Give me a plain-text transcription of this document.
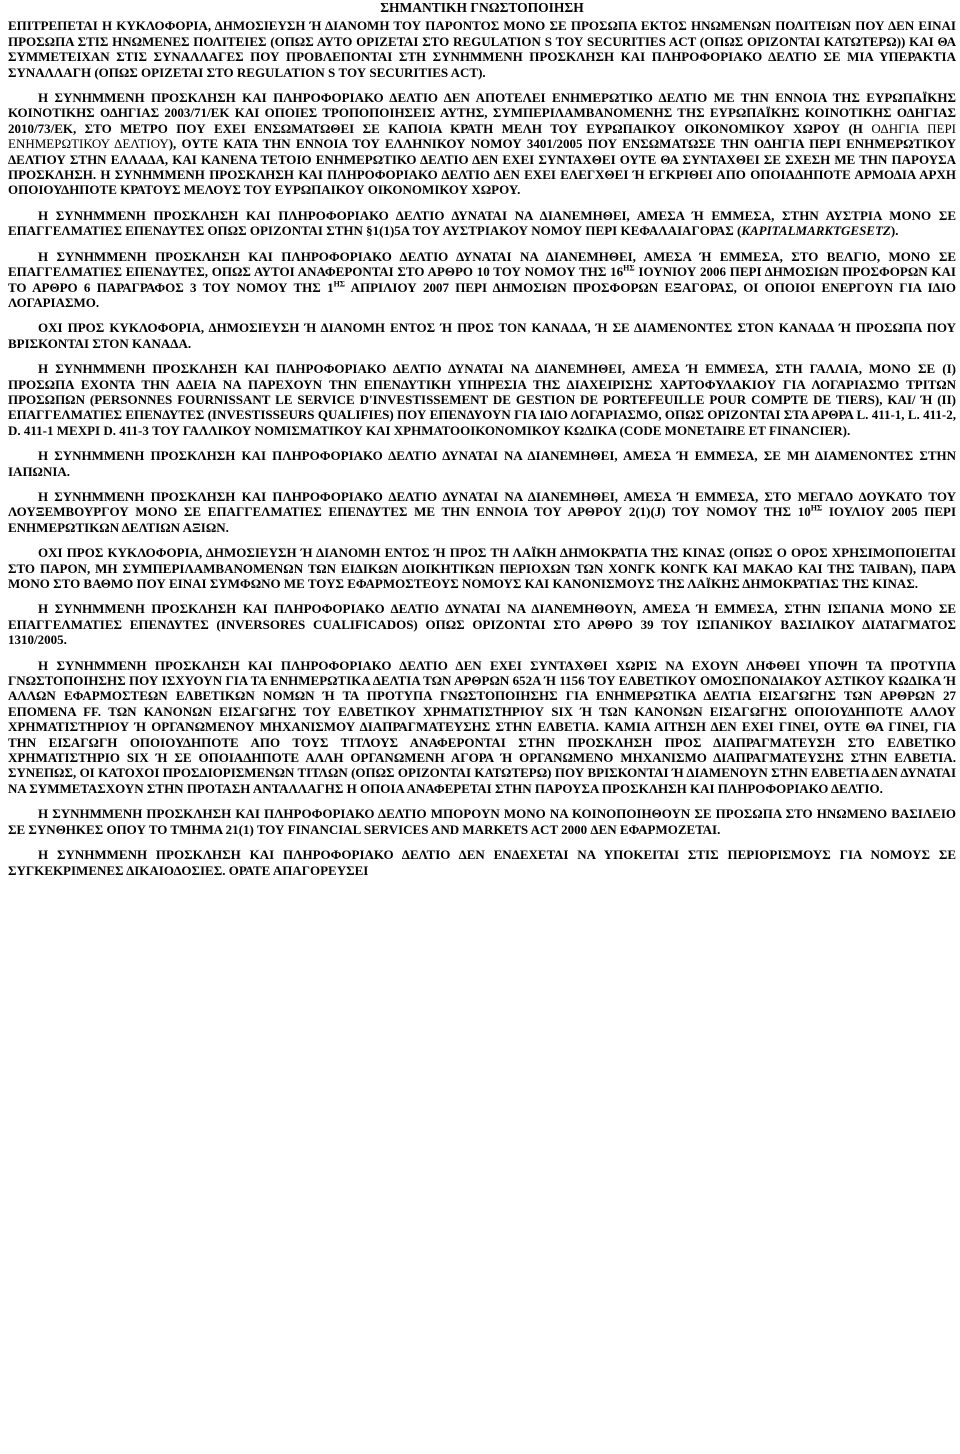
ΣΗΜΑΝΤΙΚΗ ΓΝΩΣΤΟΠΟΙΗΣΗ

ΕΠΙΤΡΕΠΕΤΑΙ Η ΚΥΚΛΟΦΟΡΙΑ, ΔΗΜΟΣΙΕΥΣΗ Ή ΔΙΑΝΟΜΗ ΤΟΥ ΠΑΡΟΝΤΟΣ ΜΟΝΟ ΣΕ ΠΡΟΣΩΠΑ ΕΚΤΟΣ ΗΝΩΜΕΝΩΝ ΠΟΛΙΤΕΙΩΝ ΠΟΥ ΔΕΝ ΕΙΝΑΙ ΠΡΟΣΩΠΑ ΣΤΙΣ ΗΝΩΜΕΝΕΣ ΠΟΛΙΤΕΙΕΣ (ΟΠΩΣ ΑΥΤΟ ΟΡΙΖΕΤΑΙ ΣΤΟ REGULATION S ΤΟΥ SECURITIES ACT (ΟΠΩΣ ΟΡΙΖΟΝΤΑΙ ΚΑΤΩΤΕΡΩ)) ΚΑΙ ΘΑ ΣΥΜΜΕΤΕΙΧΑΝ ΣΤΙΣ ΣΥΝΑΛΛΑΓΕΣ ΠΟΥ ΠΡΟΒΛΕΠΟΝΤΑΙ ΣΤΗ ΣΥΝΗΜΜΕΝΗ ΠΡΟΣΚΛΗΣΗ ΚΑΙ ΠΛΗΡΟΦΟΡΙΑΚΟ ΔΕΛΤΙΟ ΣΕ ΜΙΑ ΥΠΕΡΑΚΤΙΑ ΣΥΝΑΛΛΑΓΗ (ΟΠΩΣ ΟΡΙΖΕΤΑΙ ΣΤΟ REGULATION S ΤΟΥ SECURITIES ACT).

Η ΣΥΝΗΜΜΕΝΗ ΠΡΟΣΚΛΗΣΗ ΚΑΙ ΠΛΗΡΟΦΟΡΙΑΚΟ ΔΕΛΤΙΟ ΔΕΝ ΑΠΟΤΕΛΕΙ ΕΝΗΜΕΡΩΤΙΚΟ ΔΕΛΤΙΟ ΜΕ ΤΗΝ ΕΝΝΟΙΑ ΤΗΣ ΕΥΡΩΠΑΪΚΗΣ ΚΟΙΝΟΤΙΚΗΣ ΟΔΗΓΙΑΣ 2003/71/ΕΚ ΚΑΙ ΟΠΟΙΕΣ ΤΡΟΠΟΠΟΙΗΣΕΙΣ ΑΥΤΗΣ, ΣΥΜΠΕΡΙΛΑΜΒΑΝΟΜΕΝΗΣ ΤΗΣ ΕΥΡΩΠΑΪΚΗΣ ΚΟΙΝΟΤΙΚΗΣ ΟΔΗΓΙΑΣ 2010/73/ΕΚ, ΣΤΟ ΜΕΤΡΟ ΠΟΥ ΕΧΕΙ ΕΝΣΩΜΑΤΩΘΕΙ ΣΕ ΚΑΠΟΙΑ ΚΡΑΤΗ ΜΕΛΗ ΤΟΥ ΕΥΡΩΠΑΙΚΟΥ ΟΙΚΟΝΟΜΙΚΟΥ ΧΩΡΟΥ (Η ΟΔΗΓΙΑ ΠΕΡΙ ΕΝΗΜΕΡΩΤΙΚΟΥ ΔΕΛΤΙΟΥ), ΟΥΤΕ ΚΑΤΑ ΤΗΝ ΕΝΝΟΙΑ ΤΟΥ ΕΛΛΗΝΙΚΟΥ ΝΟΜΟΥ 3401/2005 ΠΟΥ ΕΝΣΩΜΑΤΩΣΕ ΤΗΝ ΟΔΗΓΙΑ ΠΕΡΙ ΕΝΗΜΕΡΩΤΙΚΟΥ ΔΕΛΤΙΟΥ ΣΤΗΝ ΕΛΛΑΔΑ, ΚΑΙ ΚΑΝΕΝΑ ΤΕΤΟΙΟ ΕΝΗΜΕΡΩΤΙΚΟ ΔΕΛΤΙΟ ΔΕΝ ΕΧΕΙ ΣΥΝΤΑΧΘΕΙ ΟΥΤΕ ΘΑ ΣΥΝΤΑΧΘΕΙ ΣΕ ΣΧΕΣΗ ΜΕ ΤΗΝ ΠΑΡΟΥΣΑ ΠΡΟΣΚΛΗΣΗ. Η ΣΥΝΗΜΜΕΝΗ ΠΡΟΣΚΛΗΣΗ ΚΑΙ ΠΛΗΡΟΦΟΡΙΑΚΟ ΔΕΛΤΙΟ ΔΕΝ ΕΧΕΙ ΕΛΕΓΧΘΕΙ Ή ΕΓΚΡΙΘΕΙ ΑΠΟ ΟΠΟΙΑΔΗΠΟΤΕ ΑΡΜΟΔΙΑ ΑΡΧΗ ΟΠΟΙΟΥΔΗΠΟΤΕ ΚΡΑΤΟΥΣ ΜΕΛΟΥΣ ΤΟΥ ΕΥΡΩΠΑΙΚΟΥ ΟΙΚΟΝΟΜΙΚΟΥ ΧΩΡΟΥ.

Η ΣΥΝΗΜΜΕΝΗ ΠΡΟΣΚΛΗΣΗ ΚΑΙ ΠΛΗΡΟΦΟΡΙΑΚΟ ΔΕΛΤΙΟ ΔΥΝΑΤΑΙ ΝΑ ΔΙΑΝΕΜΗΘΕΙ, ΑΜΕΣΑ Ή ΕΜΜΕΣΑ, ΣΤΗΝ ΑΥΣΤΡΙΑ ΜΟΝΟ ΣΕ ΕΠΑΓΓΕΛΜΑΤΙΕΣ ΕΠΕΝΔΥΤΕΣ ΟΠΩΣ ΟΡΙΖΟΝΤΑΙ ΣΤΗΝ §1(1)5Α ΤΟΥ ΑΥΣΤΡΙΑΚΟΥ ΝΟΜΟΥ ΠΕΡΙ ΚΕΦΑΛΑΙΑΓΟΡΑΣ (KAPITALMARKTGESETZ).

Η ΣΥΝΗΜΜΕΝΗ ΠΡΟΣΚΛΗΣΗ ΚΑΙ ΠΛΗΡΟΦΟΡΙΑΚΟ ΔΕΛΤΙΟ ΔΥΝΑΤΑΙ ΝΑ ΔΙΑΝΕΜΗΘΕΙ, ΑΜΕΣΑ Ή ΕΜΜΕΣΑ, ΣΤΟ ΒΕΛΓΙΟ, ΜΟΝΟ ΣΕ ΕΠΑΓΓΕΛΜΑΤΙΕΣ ΕΠΕΝΔΥΤΕΣ, ΟΠΩΣ ΑΥΤΟΙ ΑΝΑΦΕΡΟΝΤΑΙ ΣΤΟ ΑΡΘΡΟ 10 ΤΟΥ ΝΟΜΟΥ ΤΗΣ $16^{H\Sigma}$ ΙΟΥΝΙΟΥ 2006 ΠΕΡΙ ΔΗΜΟΣΙΩΝ ΠΡΟΣΦΟΡΩΝ ΚΑΙ ΤΟ ΑΡΘΡΟ 6 ΠΑΡΑΓΡΑΦΟΣ 3 ΤΟΥ ΝΟΜΟΥ ΤΗΣ $1^{H\Sigma}$ ΑΠΡΙΛΙΟΥ 2007 ΠΕΡΙ ΔΗΜΟΣΙΩΝ ΠΡΟΣΦΟΡΩΝ ΕΞΑΓΟΡΑΣ, ΟΙ ΟΠΟΙΟΙ ΕΝΕΡΓΟΥΝ ΓΙΑ ΙΔΙΟ ΛΟΓΑΡΙΑΣΜΟ.

ΟΧΙ ΠΡΟΣ ΚΥΚΛΟΦΟΡΙΑ, ΔΗΜΟΣΙΕΥΣΗ Ή ΔΙΑΝΟΜΗ ΕΝΤΟΣ Ή ΠΡΟΣ ΤΟΝ ΚΑΝΑΔΑ, Ή ΣΕ ΔΙΑΜΕΝΟΝΤΕΣ ΣΤΟΝ ΚΑΝΑΔΑ Ή ΠΡΟΣΩΠΑ ΠΟΥ ΒΡΙΣΚΟΝΤΑΙ ΣΤΟΝ ΚΑΝΑΔΑ.

Η ΣΥΝΗΜΜΕΝΗ ΠΡΟΣΚΛΗΣΗ ΚΑΙ ΠΛΗΡΟΦΟΡΙΑΚΟ ΔΕΛΤΙΟ ΔΥΝΑΤΑΙ ΝΑ ΔΙΑΝΕΜΗΘΕΙ, ΑΜΕΣΑ Ή ΕΜΜΕΣΑ, ΣΤΗ ΓΑΛΛΙΑ, ΜΟΝΟ ΣΕ (Ι) ΠΡΟΣΩΠΑ ΕΧΟΝΤΑ ΤΗΝ ΑΔΕΙΑ ΝΑ ΠΑΡΕΧΟΥΝ ΤΗΝ ΕΠΕΝΔΥΤΙΚΗ ΥΠΗΡΕΣΙΑ ΤΗΣ ΔΙΑΧΕΙΡΙΣΗΣ ΧΑΡΤΟΦΥΛΑΚΙΟΥ ΓΙΑ ΛΟΓΑΡΙΑΣΜΟ ΤΡΙΤΩΝ ΠΡΟΣΩΠΩΝ (PERSONNES FOURNISSANT LE SERVICE D'INVESTISSEMENT DE GESTION DE PORTEFEUILLE POUR COMPTE DE TIERS), ΚΑΙ/ Ή (ΙΙ) ΕΠΑΓΓΕΛΜΑΤΙΕΣ ΕΠΕΝΔΥΤΕΣ (INVESTISSEURS QUALIFIES) ΠΟΥ ΕΠΕΝΔΥΟΥΝ ΓΙΑ ΙΔΙΟ ΛΟΓΑΡΙΑΣΜΟ, ΟΠΩΣ ΟΡΙΖΟΝΤΑΙ ΣΤΑ ΑΡΘΡΑ L. 411-1, L. 411-2, D. 411-1 ΜΕΧΡΙ D. 411-3 ΤΟΥ ΓΑΛΛΙΚΟΥ ΝΟΜΙΣΜΑΤΙΚΟΥ ΚΑΙ ΧΡΗΜΑΤΟΟΙΚΟΝΟΜΙΚΟΥ ΚΩΔΙΚΑ (CODE MONETAIRE ET FINANCIER).

Η ΣΥΝΗΜΜΕΝΗ ΠΡΟΣΚΛΗΣΗ ΚΑΙ ΠΛΗΡΟΦΟΡΙΑΚΟ ΔΕΛΤΙΟ ΔΥΝΑΤΑΙ ΝΑ ΔΙΑΝΕΜΗΘΕΙ, ΑΜΕΣΑ Ή ΕΜΜΕΣΑ, ΣΕ ΜΗ ΔΙΑΜΕΝΟΝΤΕΣ ΣΤΗΝ ΙΑΠΩΝΙΑ.

Η ΣΥΝΗΜΜΕΝΗ ΠΡΟΣΚΛΗΣΗ ΚΑΙ ΠΛΗΡΟΦΟΡΙΑΚΟ ΔΕΛΤΙΟ ΔΥΝΑΤΑΙ ΝΑ ΔΙΑΝΕΜΗΘΕΙ, ΑΜΕΣΑ Ή ΕΜΜΕΣΑ, ΣΤΟ ΜΕΓΑΛΟ ΔΟΥΚΑΤΟ ΤΟΥ ΛΟΥΞΕΜΒΟΥΡΓΟΥ ΜΟΝΟ ΣΕ ΕΠΑΓΓΕΛΜΑΤΙΕΣ ΕΠΕΝΔΥΤΕΣ ΜΕ ΤΗΝ ΕΝΝΟΙΑ ΤΟΥ ΑΡΘΡΟΥ 2(1)(J) ΤΟΥ ΝΟΜΟΥ ΤΗΣ $10^{H\Sigma}$ ΙΟΥΛΙΟΥ 2005 ΠΕΡΙ ΕΝΗΜΕΡΩΤΙΚΩΝ ΔΕΛΤΙΩΝ ΑΞΙΩΝ.

ΟΧΙ ΠΡΟΣ ΚΥΚΛΟΦΟΡΙΑ, ΔΗΜΟΣΙΕΥΣΗ Ή ΔΙΑΝΟΜΗ ΕΝΤΟΣ Ή ΠΡΟΣ ΤΗ ΛΑΪΚΗ ΔΗΜΟΚΡΑΤΙΑ ΤΗΣ ΚΙΝΑΣ (ΟΠΩΣ Ο ΟΡΟΣ ΧΡΗΣΙΜΟΠΟΙΕΙΤΑΙ ΣΤΟ ΠΑΡΟΝ, ΜΗ ΣΥΜΠΕΡΙΛΑΜΒΑΝΟΜΕΝΩΝ ΤΩΝ ΕΙΔΙΚΩΝ ΔΙΟΙΚΗΤΙΚΩΝ ΠΕΡΙΟΧΩΝ ΤΩΝ ΧΟΝΓΚ ΚΟΝΓΚ ΚΑΙ ΜΑΚΑΟ ΚΑΙ ΤΗΣ ΤΑΙΒΑΝ), ΠΑΡΑ ΜΟΝΟ ΣΤΟ ΒΑΘΜΟ ΠΟΥ ΕΙΝΑΙ ΣΥΜΦΩΝΟ ΜΕ ΤΟΥΣ ΕΦΑΡΜΟΣΤΕΟΥΣ ΝΟΜΟΥΣ ΚΑΙ ΚΑΝΟΝΙΣΜΟΥΣ ΤΗΣ ΛΑΪΚΗΣ ΔΗΜΟΚΡΑΤΙΑΣ ΤΗΣ ΚΙΝΑΣ.

Η ΣΥΝΗΜΜΕΝΗ ΠΡΟΣΚΛΗΣΗ ΚΑΙ ΠΛΗΡΟΦΟΡΙΑΚΟ ΔΕΛΤΙΟ ΔΥΝΑΤΑΙ ΝΑ ΔΙΑΝΕΜΗΘΟΥΝ, ΑΜΕΣΑ Ή ΕΜΜΕΣΑ, ΣΤΗΝ ΙΣΠΑΝΙΑ ΜΟΝΟ ΣΕ ΕΠΑΓΓΕΛΜΑΤΙΕΣ ΕΠΕΝΔΥΤΕΣ (INVERSORES CUALIFICADOS) ΟΠΩΣ ΟΡΙΖΟΝΤΑΙ ΣΤΟ ΑΡΘΡΟ 39 ΤΟΥ ΙΣΠΑΝΙΚΟΥ ΒΑΣΙΛΙΚΟΥ ΔΙΑΤΑΓΜΑΤΟΣ 1310/2005.

Η ΣΥΝΗΜΜΕΝΗ ΠΡΟΣΚΛΗΣΗ ΚΑΙ ΠΛΗΡΟΦΟΡΙΑΚΟ ΔΕΛΤΙΟ ΔΕΝ ΕΧΕΙ ΣΥΝΤΑΧΘΕΙ ΧΩΡΙΣ ΝΑ ΕΧΟΥΝ ΛΗΦΘΕΙ ΥΠΟΨΗ ΤΑ ΠΡΟΤΥΠΑ ΓΝΩΣΤΟΠΟΙΗΣΗΣ ΠΟΥ ΙΣΧΥΟΥΝ ΓΙΑ ΤΑ ΕΝΗΜΕΡΩΤΙΚΑ ΔΕΛΤΙΑ ΤΩΝ ΑΡΘΡΩΝ 652Α Ή 1156 ΤΟΥ ΕΛΒΕΤΙΚΟΥ ΟΜΟΣΠΟΝΔΙΑΚΟΥ ΑΣΤΙΚΟΥ ΚΩΔΙΚΑ Ή ΑΛΛΩΝ ΕΦΑΡΜΟΣΤΕΩΝ ΕΛΒΕΤΙΚΩΝ ΝΟΜΩΝ Ή ΤΑ ΠΡΟΤΥΠΑ ΓΝΩΣΤΟΠΟΙΗΣΗΣ ΓΙΑ ΕΝΗΜΕΡΩΤΙΚΑ ΔΕΛΤΙΑ ΕΙΣΑΓΩΓΗΣ ΤΩΝ ΑΡΘΡΩΝ 27 ΕΠΟΜΕΝΑ FF. ΤΩΝ ΚΑΝΟΝΩΝ ΕΙΣΑΓΩΓΗΣ ΤΟΥ ΕΛΒΕΤΙΚΟΥ ΧΡΗΜΑΤΙΣΤΗΡΙΟΥ SIX Ή ΤΩΝ ΚΑΝΟΝΩΝ ΕΙΣΑΓΩΓΗΣ ΟΠΟΙΟΥΔΗΠΟΤΕ ΑΛΛΟΥ ΧΡΗΜΑΤΙΣΤΗΡΙΟΥ Ή ΟΡΓΑΝΩΜΕΝΟΥ ΜΗΧΑΝΙΣΜΟΥ ΔΙΑΠΡΑΓΜΑΤΕΥΣΗΣ ΣΤΗΝ ΕΛΒΕΤΙΑ. ΚΑΜΙΑ ΑΙΤΗΣΗ ΔΕΝ ΕΧΕΙ ΓΙΝΕΙ, ΟΥΤΕ ΘΑ ΓΙΝΕΙ, ΓΙΑ ΤΗΝ ΕΙΣΑΓΩΓΗ ΟΠΟΙΟΥΔΗΠΟΤΕ ΑΠΟ ΤΟΥΣ ΤΙΤΛΟΥΣ ΑΝΑΦΕΡΟΝΤΑΙ ΣΤΗΝ ΠΡΟΣΚΛΗΣΗ ΠΡΟΣ ΔΙΑΠΡΑΓΜΑΤΕΥΣΗ ΣΤΟ ΕΛΒΕΤΙΚΟ ΧΡΗΜΑΤΙΣΤΗΡΙΟ SIX Ή ΣΕ ΟΠΟΙΑΔΗΠΟΤΕ ΑΛΛΗ ΟΡΓΑΝΩΜΕΝΗ ΑΓΟΡΑ Ή ΟΡΓΑΝΩΜΕΝΟ ΜΗΧΑΝΙΣΜΟ ΔΙΑΠΡΑΓΜΑΤΕΥΣΗΣ ΣΤΗΝ ΕΛΒΕΤΙΑ. ΣΥΝΕΠΩΣ, ΟΙ ΚΑΤΟΧΟΙ ΠΡΟΣΔΙΟΡΙΣΜΕΝΩΝ ΤΙΤΛΩΝ (ΟΠΩΣ ΟΡΙΖΟΝΤΑΙ ΚΑΤΩΤΕΡΩ) ΠΟΥ ΒΡΙΣΚΟΝΤΑΙ Ή ΔΙΑΜΕΝΟΥΝ ΣΤΗΝ ΕΛΒΕΤΙΑ ΔΕΝ ΔΥΝΑΤΑΙ ΝΑ ΣΥΜΜΕΤΑΣΧΟΥΝ ΣΤΗΝ ΠΡΟΤΑΣΗ ΑΝΤΑΛΛΑΓΗΣ Η ΟΠΟΙΑ ΑΝΑΦΕΡΕΤΑΙ ΣΤΗΝ ΠΑΡΟΥΣΑ ΠΡΟΣΚΛΗΣΗ ΚΑΙ ΠΛΗΡΟΦΟΡΙΑΚΟ ΔΕΛΤΙΟ.

Η ΣΥΝΗΜΜΕΝΗ ΠΡΟΣΚΛΗΣΗ ΚΑΙ ΠΛΗΡΟΦΟΡΙΑΚΟ ΔΕΛΤΙΟ ΜΠΟΡΟΥΝ ΜΟΝΟ ΝΑ ΚΟΙΝΟΠΟΙΗΘΟΥΝ ΣΕ ΠΡΟΣΩΠΑ ΣΤΟ ΗΝΩΜΕΝΟ ΒΑΣΙΛΕΙΟ ΣΕ ΣΥΝΘΗΚΕΣ ΟΠΟΥ ΤΟ ΤΜΗΜΑ 21(1) ΤΟΥ FINANCIAL SERVICES AND MARKETS ACT 2000 ΔΕΝ ΕΦΑΡΜΟΖΕΤΑΙ.

Η ΣΥΝΗΜΜΕΝΗ ΠΡΟΣΚΛΗΣΗ ΚΑΙ ΠΛΗΡΟΦΟΡΙΑΚΟ ΔΕΛΤΙΟ ΔΕΝ ΕΝΔΕΧΕΤΑΙ ΝΑ ΥΠΟΚΕΙΤΑΙ ΣΤΙΣ ΠΕΡΙΟΡΙΣΜΟΥΣ ΓΙΑ ΝΟΜΟΥΣ ΣΕ ΣΥΓΚΕΚΡΙΜΕΝΕΣ ΔΙΚΑΙΟΔΟΣΙΕΣ. ΟΡΑΤΕ ΑΠΑΓΟΡΕΥΣΕΙ
